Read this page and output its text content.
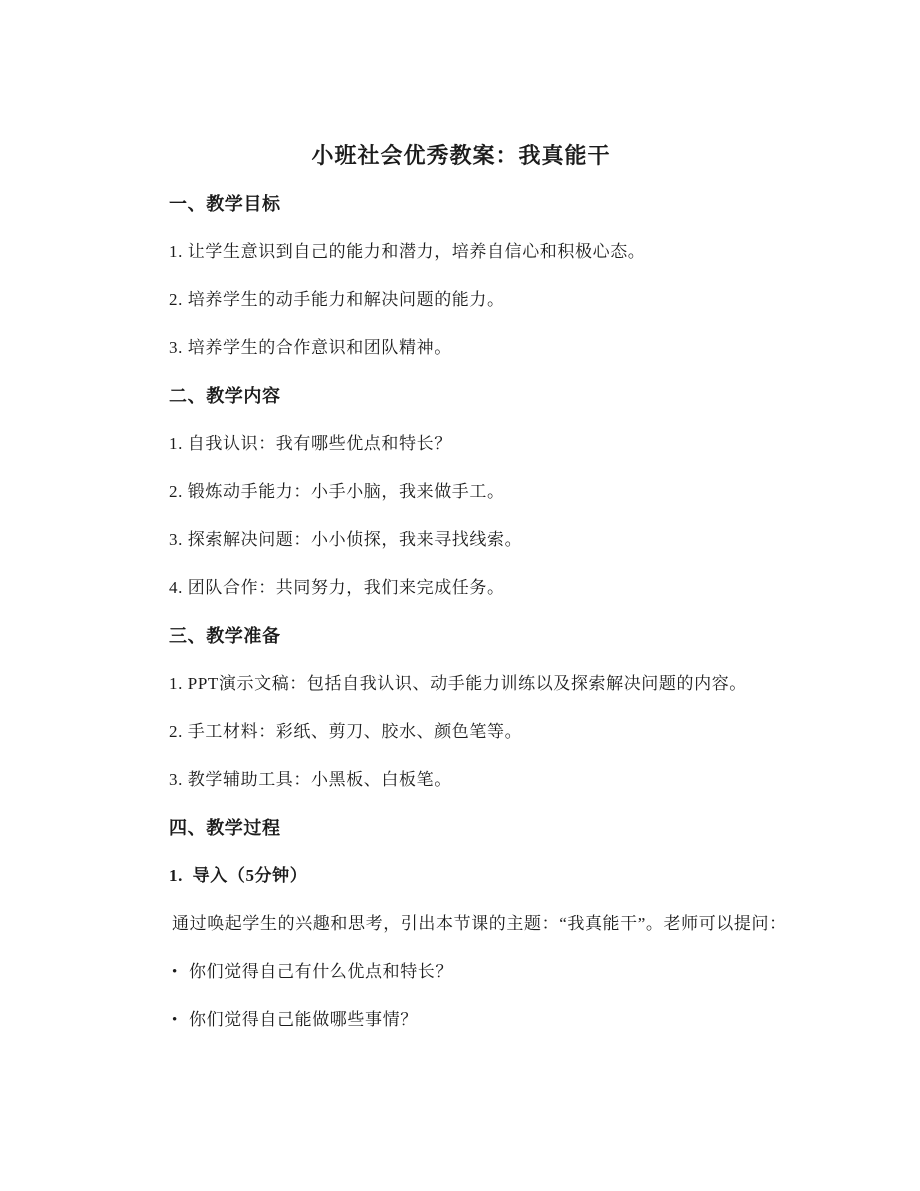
小班社会优秀教案：我真能干
一、教学目标

1. 让学生意识到自己的能力和潜力，培养自信心和积极心态。

2. 培养学生的动手能力和解决问题的能力。

3. 培养学生的合作意识和团队精神。

二、教学内容

1. 自我认识：我有哪些优点和特长？

2. 锻炼动手能力：小手小脑，我来做手工。

3. 探索解决问题：小小侦探，我来寻找线索。

4. 团队合作：共同努力，我们来完成任务。

三、教学准备

1. PPT演示文稿：包括自我认识、动手能力训练以及探索解决问题的内容。

2. 手工材料：彩纸、剪刀、胶水、颜色笔等。

3. 教学辅助工具：小黑板、白板笔。

四、教学过程

1.  导入（5分钟）

通过唤起学生的兴趣和思考，引出本节课的主题：“我真能干”。老师可以提问：

• 你们觉得自己有什么优点和特长？
• 你们觉得自己能做哪些事情？
